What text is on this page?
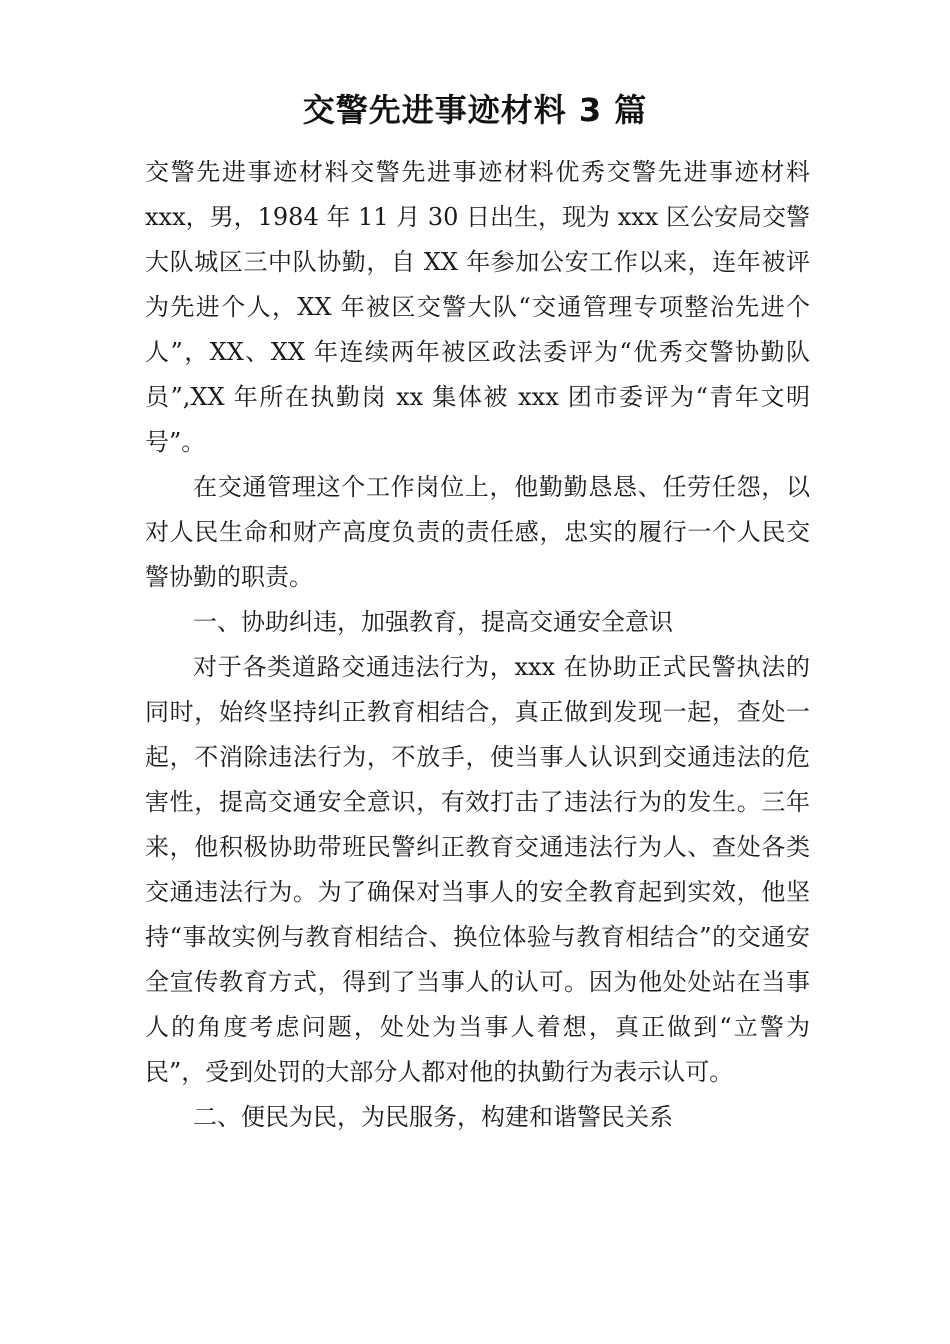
交警先进事迹材料 3 篇

交警先进事迹材料交警先进事迹材料优秀交警先进事迹材料　　xxx，男，1984 年 11 月 30 日出生，现为 xxx 区公安局交警大队城区三中队协勤，自 XX 年参加公安工作以来，连年被评为先进个人，XX 年被区交警大队“交通管理专项整治先进个人”，XX、XX 年连续两年被区政法委评为“优秀交警协勤队员”,XX 年所在执勤岗 xx 集体被 xxx 团市委评为“青年文明号”。

在交通管理这个工作岗位上，他勤勤恳恳、任劳任怨，以对人民生命和财产高度负责的责任感，忠实的履行一个人民交警协勤的职责。

一、协助纠违，加强教育，提高交通安全意识

对于各类道路交通违法行为，xxx 在协助正式民警执法的同时，始终坚持纠正教育相结合，真正做到发现一起，查处一起，不消除违法行为，不放手，使当事人认识到交通违法的危害性，提高交通安全意识，有效打击了违法行为的发生。三年来，他积极协助带班民警纠正教育交通违法行为人、查处各类交通违法行为。为了确保对当事人的安全教育起到实效，他坚持“事故实例与教育相结合、换位体验与教育相结合”的交通安全宣传教育方式，得到了当事人的认可。因为他处处站在当事人的角度考虑问题，处处为当事人着想，真正做到“立警为民”，受到处罚的大部分人都对他的执勤行为表示认可。

二、便民为民，为民服务，构建和谐警民关系
